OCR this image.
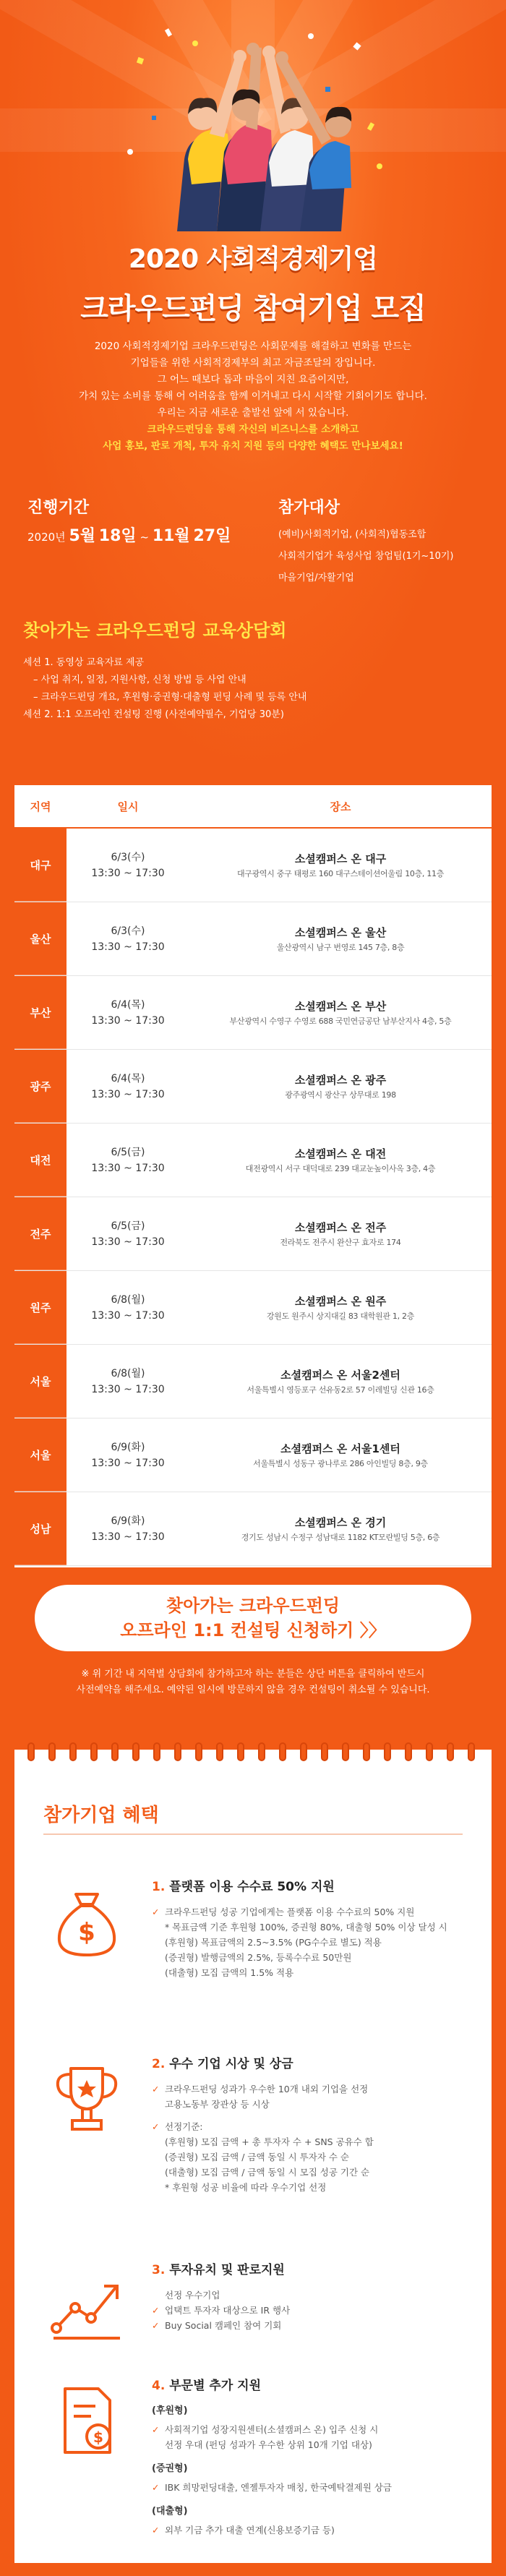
2020 사회적경제기업
크라우드펀딩 참여기업 모집

2020 사회적경제기업 크라우드펀딩은 사회문제를 해결하고 변화를 만드는

기업들을 위한 사회적경제부의 최고 자금조달의 장입니다.

그 어느 때보다 돕과 마음이 지친 요즘이지만,

가치 있는 소비를 통해 어 어려움을 함께 이겨내고 다시 시작할 기회이기도 합니다.

우리는 지금 새로운 출발선 앞에 서 있습니다.

크라우드펀딩을 통해 자신의 비즈니스를 소개하고

사업 홍보, 판로 개척, 투자 유치 지원 등의 다양한 혜택도 만나보세요!

진행기간
2020년 5월 18일 ~ 11월 27일
참가대상
(예비)사회적기업, (사회적)협동조합
사회적기업가 육성사업 창업팀(1기~10기)
마을기업/자활기업
찾아가는 크라우드펀딩 교육상담회
세션 1. 동영상 교육자료 제공
– 사업 취지, 일정, 지원사항, 신청 방법 등 사업 안내
– 크라우드펀딩 개요, 후원형·증권형·대출형 펀딩 사례 및 등록 안내
세션 2. 1:1 오프라인 컨설팅 진행 (사전예약필수, 기업당 30분)
지역	일시	장소
대구
6/3(수)
13:30 ~ 17:30
소셜캠퍼스 온 대구
대구광역시 중구 태평로 160 대구스테이션어울림 10층, 11층
울산
6/3(수)
13:30 ~ 17:30
소셜캠퍼스 온 울산
울산광역시 남구 번영로 145 7층, 8층
부산
6/4(목)
13:30 ~ 17:30
소셜캠퍼스 온 부산
부산광역시 수영구 수영로 688 국민연금공단 남부산지사 4층, 5층
광주
6/4(목)
13:30 ~ 17:30
소셜캠퍼스 온 광주
광주광역시 광산구 상무대로 198
대전
6/5(금)
13:30 ~ 17:30
소셜캠퍼스 온 대전
대전광역시 서구 대덕대로 239 대교눈높이사옥 3층, 4층
전주
6/5(금)
13:30 ~ 17:30
소셜캠퍼스 온 전주
전라북도 전주시 완산구 효자로 174
원주
6/8(월)
13:30 ~ 17:30
소셜캠퍼스 온 원주
강원도 원주시 상지대길 83 대학원관 1, 2층
서울
6/8(월)
13:30 ~ 17:30
소셜캠퍼스 온 서울2센터
서울특별시 영등포구 선유동2로 57 이레빌딩 신관 16층
서울
6/9(화)
13:30 ~ 17:30
소셜캠퍼스 온 서울1센터
서울특별시 성동구 광나루로 286 아인빌딩 8층, 9층
성남
6/9(화)
13:30 ~ 17:30
소셜캠퍼스 온 경기
경기도 성남시 수정구 성남대로 1182 KT모란빌딩 5층, 6층
찾아가는 크라우드펀딩
오프라인 1:1 컨설팅 신청하기 〉〉
※ 위 기간 내 지역별 상담회에 참가하고자 하는 분들은 상단 버튼을 클릭하여 반드시
사전예약을 해주세요. 예약된 일시에 방문하지 않을 경우 컨설팅이 취소될 수 있습니다.
참가기업 혜택
$
1. 플랫폼 이용 수수료 50% 지원
✓ 크라우드펀딩 성공 기업에게는 플랫폼 이용 수수료의 50% 지원
* 목표금액 기준 후원형 100%, 증권형 80%, 대출형 50% 이상 달성 시
(후원형) 목표금액의 2.5~3.5% (PG수수료 별도) 적용
(증권형) 발행금액의 2.5%, 등록수수료 50만원
(대출형) 모집 금액의 1.5% 적용
2. 우수 기업 시상 및 상금
✓ 크라우드펀딩 성과가 우수한 10개 내외 기업을 선정
고용노동부 장관상 등 시상
✓ 선정기준:
(후원형) 모집 금액 + 총 투자자 수 + SNS 공유수 합
(증권형) 모집 금액 / 금액 동일 시 투자자 수 순
(대출형) 모집 금액 / 금액 동일 시 모집 성공 기간 순
* 후원형 성공 비율에 따라 우수기업 선정
3. 투자유치 및 판로지원
선정 우수기업
✓ 업택트 투자자 대상으로 IR 행사
✓ Buy Social 캠페인 참여 기회
$
4. 부문별 추가 지원
(후원형)
✓ 사회적기업 성장지원센터(소셜캠퍼스 온) 입주 신청 시
선정 우대 (펀딩 성과가 우수한 상위 10개 기업 대상)
(증권형)
✓ IBK 희망펀딩대출, 엔젤투자자 매칭, 한국예탁결제원 상금
(대출형)
✓ 외부 기금 추가 대출 연계(신용보증기금 등)
